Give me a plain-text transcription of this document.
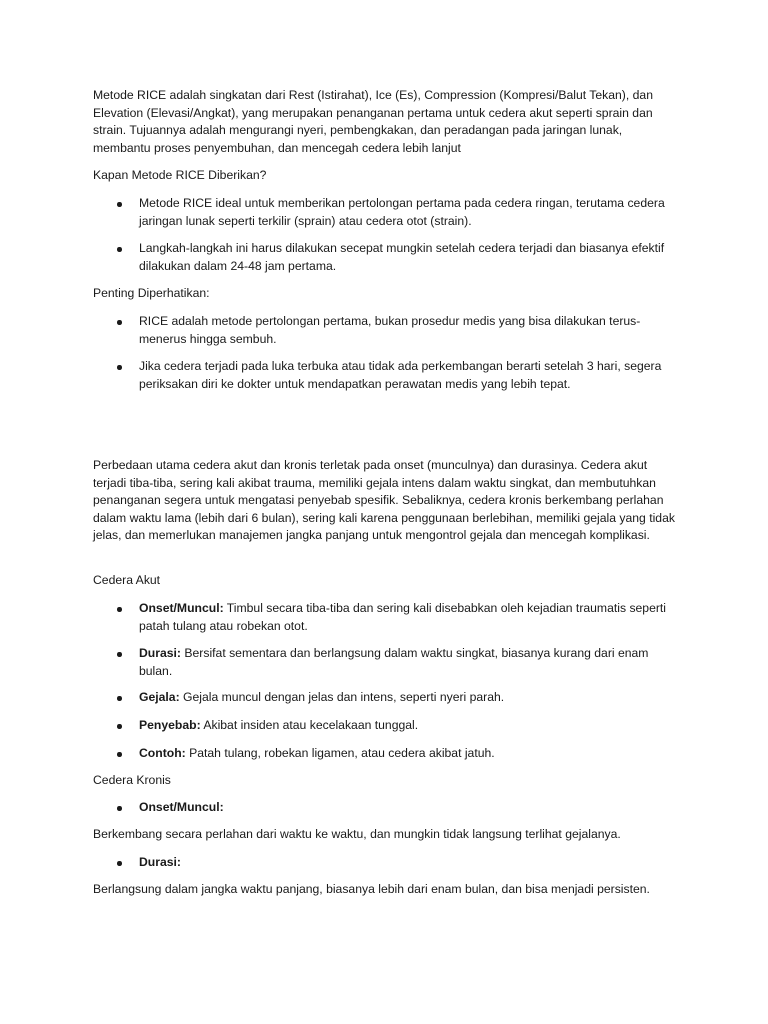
Metode RICE adalah singkatan dari Rest (Istirahat), Ice (Es), Compression (Kompresi/Balut Tekan), dan Elevation (Elevasi/Angkat), yang merupakan penanganan pertama untuk cedera akut seperti sprain dan strain. Tujuannya adalah mengurangi nyeri, pembengkakan, dan peradangan pada jaringan lunak, membantu proses penyembuhan, dan mencegah cedera lebih lanjut

Kapan Metode RICE Diberikan?

Metode RICE ideal untuk memberikan pertolongan pertama pada cedera ringan, terutama cedera jaringan lunak seperti terkilir (sprain) atau cedera otot (strain).

Langkah-langkah ini harus dilakukan secepat mungkin setelah cedera terjadi dan biasanya efektif dilakukan dalam 24-48 jam pertama.

Penting Diperhatikan:

RICE adalah metode pertolongan pertama, bukan prosedur medis yang bisa dilakukan terus-menerus hingga sembuh.

Jika cedera terjadi pada luka terbuka atau tidak ada perkembangan berarti setelah 3 hari, segera periksakan diri ke dokter untuk mendapatkan perawatan medis yang lebih tepat.

Perbedaan utama cedera akut dan kronis terletak pada onset (munculnya) dan durasinya. Cedera akut terjadi tiba-tiba, sering kali akibat trauma, memiliki gejala intens dalam waktu singkat, dan membutuhkan penanganan segera untuk mengatasi penyebab spesifik. Sebaliknya, cedera kronis berkembang perlahan dalam waktu lama (lebih dari 6 bulan), sering kali karena penggunaan berlebihan, memiliki gejala yang tidak jelas, dan memerlukan manajemen jangka panjang untuk mengontrol gejala dan mencegah komplikasi.

Cedera Akut

Onset/Muncul: Timbul secara tiba-tiba dan sering kali disebabkan oleh kejadian traumatis seperti patah tulang atau robekan otot.

Durasi: Bersifat sementara dan berlangsung dalam waktu singkat, biasanya kurang dari enam bulan.

Gejala: Gejala muncul dengan jelas dan intens, seperti nyeri parah.

Penyebab: Akibat insiden atau kecelakaan tunggal.

Contoh: Patah tulang, robekan ligamen, atau cedera akibat jatuh.

Cedera Kronis

Onset/Muncul:

Berkembang secara perlahan dari waktu ke waktu, dan mungkin tidak langsung terlihat gejalanya.

Durasi:

Berlangsung dalam jangka waktu panjang, biasanya lebih dari enam bulan, dan bisa menjadi persisten.
